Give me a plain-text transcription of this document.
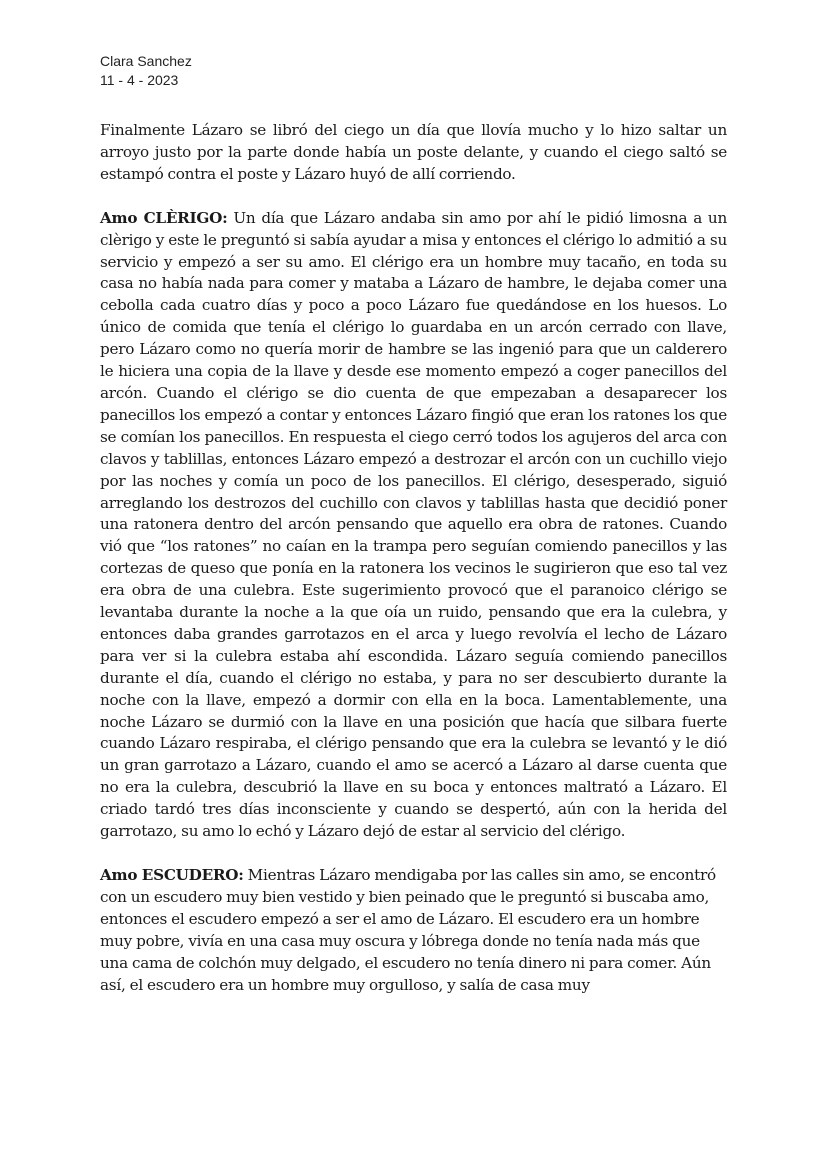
Clara Sanchez
11 - 4 - 2023

Finalmente Lázaro se libró del ciego un día que llovía mucho y lo hizo saltar un arroyo justo por la parte donde había un poste delante, y cuando el ciego saltó se estampó contra el poste y Lázaro huyó de allí corriendo.

Amo CLÈRIGO: Un día que Lázaro andaba sin amo por ahí le pidió limosna a un clèrigo y este le preguntó si sabía ayudar a misa y entonces el clérigo lo admitió a su servicio y empezó a ser su amo. El clérigo era un hombre muy tacaño, en toda su casa no había nada para comer y mataba a Lázaro de hambre, le dejaba comer una cebolla cada cuatro días y poco a poco Lázaro fue quedándose en los huesos. Lo único de comida que tenía el clérigo lo guardaba en un arcón cerrado con llave, pero Lázaro como no quería morir de hambre se las ingenió para que un calderero le hiciera una copia de la llave y desde ese momento empezó a coger panecillos del arcón. Cuando el clérigo se dio cuenta de que empezaban a desaparecer los panecillos los empezó a contar y entonces Lázaro fingió que eran los ratones los que se comían los panecillos. En respuesta el ciego cerró todos los agujeros del arca con clavos y tablillas, entonces Lázaro empezó a destrozar el arcón con un cuchillo viejo por las noches y comía un poco de los panecillos. El clérigo, desesperado, siguió arreglando los destrozos del cuchillo con clavos y tablillas hasta que decidió poner una ratonera dentro del arcón pensando que aquello era obra de ratones. Cuando vió que “los ratones” no caían en la trampa pero seguían comiendo panecillos y las cortezas de queso que ponía en la ratonera los vecinos le sugirieron que eso tal vez era obra de una culebra. Este sugerimiento provocó que el paranoico clérigo se levantaba durante la noche a la que oía un ruido, pensando que era la culebra, y entonces daba grandes garrotazos en el arca y luego revolvía el lecho de Lázaro para ver si la culebra estaba ahí escondida. Lázaro seguía comiendo panecillos durante el día, cuando el clérigo no estaba, y para no ser descubierto durante la noche con la llave, empezó a dormir con ella en la boca. Lamentablemente, una noche Lázaro se durmió con la llave en una posición que hacía que silbara fuerte cuando Lázaro respiraba, el clérigo pensando que era la culebra se levantó y le dió un gran garrotazo a Lázaro, cuando el amo se acercó a Lázaro al darse cuenta que no era la culebra, descubrió la llave en su boca y entonces maltrató a Lázaro. El criado tardó tres días inconsciente y cuando se despertó, aún con la herida del garrotazo, su amo lo echó y Lázaro dejó de estar al servicio del clérigo.

Amo ESCUDERO: Mientras Lázaro mendigaba por las calles sin amo, se encontró con un escudero muy bien vestido y bien peinado que le preguntó si buscaba amo, entonces el escudero empezó a ser el amo de Lázaro. El escudero era un hombre muy pobre, vivía en una casa muy oscura y lóbrega donde no tenía nada más que una cama de colchón muy delgado, el escudero no tenía dinero ni para comer. Aún así, el escudero era un hombre muy orgulloso, y salía de casa muy
